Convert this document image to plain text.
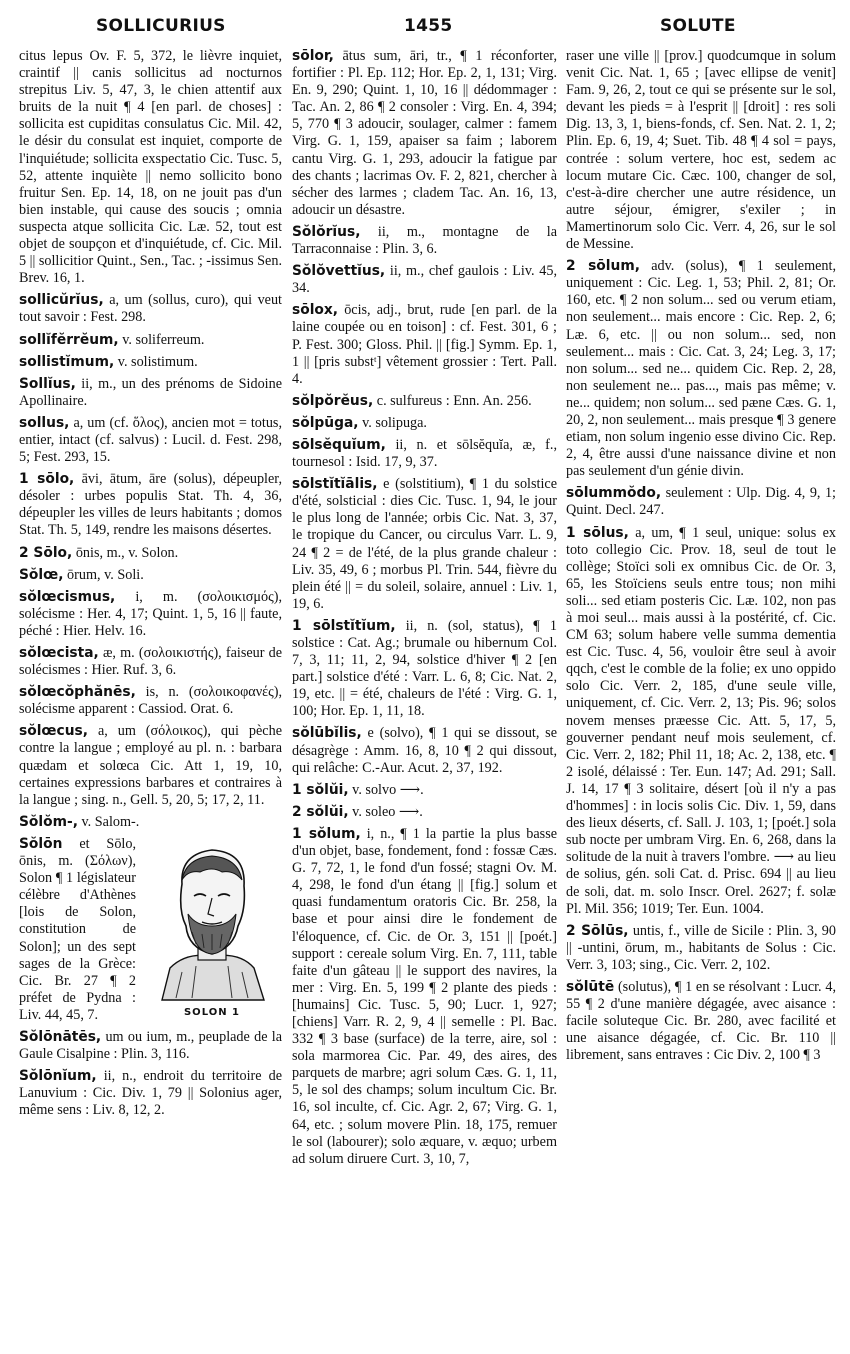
SOLLICURIUS	1455	SOLUTE

citus lepus Ov. F. 5, 372, le lièvre inquiet, craintif || canis sollicitus ad nocturnos strepitus Liv. 5, 47, 3, le chien attentif aux bruits de la nuit ¶ 4 [en parl. de choses] : sollicita est cupiditas consulatus Cic. Mil. 42, le désir du consulat est inquiet, comporte de l'inquiétude; sollicita exspectatio Cic. Tusc. 5, 52, attente inquiète || nemo sollicito bono fruitur Sen. Ep. 14, 18, on ne jouit pas d'un bien instable, qui cause des soucis ; omnia suspecta atque sollicita Cic. Læ. 52, tout est objet de soupçon et d'inquiétude, cf. Cic. Mil. 5 || sollicitior Quint., Sen., Tac. ; -issimus Sen. Brev. 16, 1.

sollicŭrĭus, a, um (sollus, curo), qui veut tout savoir : Fest. 298.

sollĭfĕrrĕum, v. soliferreum.

sollistĭmum, v. solistimum.

Sollĭus, ii, m., un des prénoms de Sidoine Apollinaire.

sollus, a, um (cf. ὅλος), ancien mot = totus, entier, intact (cf. salvus) : Lucil. d. Fest. 298, 5; Fest. 293, 15.

1 sōlo, āvi, ātum, āre (solus), dépeupler, désoler : urbes populis Stat. Th. 4, 36, dépeupler les villes de leurs habitants ; domos Stat. Th. 5, 149, rendre les maisons désertes.

2 Sōlo, ōnis, m., v. Solon.

Sŏlœ, ōrum, v. Soli.

sŏlœcismus, i, m. (σολοικισμός), solécisme : Her. 4, 17; Quint. 1, 5, 16 || faute, péché : Hier. Helv. 16.

sŏlœcista, æ, m. (σολοικιστής), faiseur de solécismes : Hier. Ruf. 3, 6.

sŏlœcŏphănēs, is, n. (σολοικοφανές), solécisme apparent : Cassiod. Orat. 6.

sŏlœcus, a, um (σόλοικος), qui pèche contre la langue ; employé au pl. n. : barbara quædam et solœca Cic. Att 1, 19, 10, certaines expressions barbares et contraires à la langue ; sing. n., Gell. 5, 20, 5; 17, 2, 11.

Sŏlŏm-, v. Salom-.

SOLON 1
Sŏlōn et Sōlo, ōnis, m. (Σόλων), Solon ¶ 1 législateur célèbre d'Athènes [lois de Solon, constitution de Solon]; un des sept sages de la Grèce: Cic. Br. 27 ¶ 2 préfet de Pydna : Liv. 44, 45, 7.

Sŏlōnātēs, um ou ium, m., peuplade de la Gaule Cisalpine : Plin. 3, 116.

Sŏlōnĭum, ii, n., endroit du territoire de Lanuvium : Cic. Div. 1, 79 || Solonius ager, même sens : Liv. 8, 12, 2.

sōlor, ātus sum, āri, tr., ¶ 1 réconforter, fortifier : Pl. Ep. 112; Hor. Ep. 2, 1, 131; Virg. En. 9, 290; Quint. 1, 10, 16 || dédommager : Tac. An. 2, 86 ¶ 2 consoler : Virg. En. 4, 394; 5, 770 ¶ 3 adoucir, soulager, calmer : famem Virg. G. 1, 159, apaiser sa faim ; laborem cantu Virg. G. 1, 293, adoucir la fatigue par des chants ; lacrimas Ov. F. 2, 821, chercher à sécher des larmes ; cladem Tac. An. 16, 13, adoucir un désastre.

Sŏlŏrĭus, ii, m., montagne de la Tarraconnaise : Plin. 3, 6.

Sŏlŏvettĭus, ii, m., chef gaulois : Liv. 45, 34.

sōlox, ōcis, adj., brut, rude [en parl. de la laine coupée ou en toison] : cf. Fest. 301, 6 ; P. Fest. 300; Gloss. Phil. || [fig.] Symm. Ep. 1, 1 || [pris substᵗ] vêtement grossier : Tert. Pall. 4.

sŏlpŏrĕus, c. sulfureus : Enn. An. 256.

sŏlpūga, v. solipuga.

sōlsĕquĭum, ii, n. et sōlsĕquĭa, æ, f., tournesol : Isid. 17, 9, 37.

sōlstĭtĭālis, e (solstitium), ¶ 1 du solstice d'été, solsticial : dies Cic. Tusc. 1, 94, le jour le plus long de l'année; orbis Cic. Nat. 3, 37, le tropique du Cancer, ou circulus Varr. L. 9, 24 ¶ 2 = de l'été, de la plus grande chaleur : Liv. 35, 49, 6 ; morbus Pl. Trin. 544, fièvre du plein été || = du soleil, solaire, annuel : Liv. 1, 19, 6.

1 sōlstĭtĭum, ii, n. (sol, status), ¶ 1 solstice : Cat. Ag.; brumale ou hibernum Col. 7, 3, 11; 11, 2, 94, solstice d'hiver ¶ 2 [en part.] solstice d'été : Varr. L. 6, 8; Cic. Nat. 2, 19, etc. || = été, chaleurs de l'été : Virg. G. 1, 100; Hor. Ep. 1, 11, 18.

sŏlūbĭlis, e (solvo), ¶ 1 qui se dissout, se désagrège : Amm. 16, 8, 10 ¶ 2 qui dissout, qui relâche: C.-Aur. Acut. 2, 37, 192.

1 sŏlŭi, v. solvo ⟶.

2 sŏlŭi, v. soleo ⟶.

1 sŏlum, i, n., ¶ 1 la partie la plus basse d'un objet, base, fondement, fond : fossæ Cæs. G. 7, 72, 1, le fond d'un fossé; stagni Ov. M. 4, 298, le fond d'un étang || [fig.] solum et quasi fundamentum oratoris Cic. Br. 258, la base et pour ainsi dire le fondement de l'éloquence, cf. Cic. de Or. 3, 151 || [poét.] support : cereale solum Virg. En. 7, 111, table faite d'un gâteau || le support des navires, la mer : Virg. En. 5, 199 ¶ 2 plante des pieds : [humains] Cic. Tusc. 5, 90; Lucr. 1, 927; [chiens] Varr. R. 2, 9, 4 || semelle : Pl. Bac. 332 ¶ 3 base (surface) de la terre, aire, sol : sola marmorea Cic. Par. 49, des aires, des parquets de marbre; agri solum Cæs. G. 1, 11, 5, le sol des champs; solum incultum Cic. Br. 16, sol inculte, cf. Cic. Agr. 2, 67; Virg. G. 1, 64, etc. ; solum movere Plin. 18, 175, remuer le sol (labourer); solo æquare, v. æquo; urbem ad solum diruere Curt. 3, 10, 7,

raser une ville || [prov.] quodcumque in solum venit Cic. Nat. 1, 65 ; [avec ellipse de venit] Fam. 9, 26, 2, tout ce qui se présente sur le sol, devant les pieds = à l'esprit || [droit] : res soli Dig. 13, 3, 1, biens-fonds, cf. Sen. Nat. 2. 1, 2; Plin. Ep. 6, 19, 4; Suet. Tib. 48 ¶ 4 sol = pays, contrée : solum vertere, hoc est, sedem ac locum mutare Cic. Cæc. 100, changer de sol, c'est-à-dire chercher une autre résidence, un autre séjour, émigrer, s'exiler ; in Mamertinorum solo Cic. Verr. 4, 26, sur le sol de Messine.

2 sōlum, adv. (solus), ¶ 1 seulement, uniquement : Cic. Leg. 1, 53; Phil. 2, 81; Or. 160, etc. ¶ 2 non solum... sed ou verum etiam, non seulement... mais encore : Cic. Rep. 2, 6; Læ. 6, etc. || ou non solum... sed, non seulement... mais : Cic. Cat. 3, 24; Leg. 3, 17; non solum... sed ne... quidem Cic. Rep. 2, 28, non seulement ne... pas..., mais pas même; v. ne... quidem; non solum... sed pæne Cæs. G. 1, 20, 2, non seulement... mais presque ¶ 3 genere etiam, non solum ingenio esse divino Cic. Rep. 2, 4, être aussi d'une naissance divine et non pas seulement d'un génie divin.

sōlummŏdo, seulement : Ulp. Dig. 4, 9, 1; Quint. Decl. 247.

1 sōlus, a, um, ¶ 1 seul, unique: solus ex toto collegio Cic. Prov. 18, seul de tout le collège; Stoïci soli ex omnibus Cic. de Or. 3, 65, les Stoïciens seuls entre tous; non mihi soli... sed etiam posteris Cic. Læ. 102, non pas à moi seul... mais aussi à la postérité, cf. Cic. CM 63; solum habere velle summa dementia est Cic. Tusc. 4, 56, vouloir être seul à avoir qqch, c'est le comble de la folie; ex uno oppido solo Cic. Verr. 2, 185, d'une seule ville, uniquement, cf. Cic. Verr. 2, 13; Pis. 96; solos novem menses præesse Cic. Att. 5, 17, 5, gouverner pendant neuf mois seulement, cf. Cic. Verr. 2, 182; Phil 11, 18; Ac. 2, 138, etc. ¶ 2 isolé, délaissé : Ter. Eun. 147; Ad. 291; Sall. J. 14, 17 ¶ 3 solitaire, désert [où il n'y a pas d'hommes] : in locis solis Cic. Div. 1, 59, dans des lieux déserts, cf. Sall. J. 103, 1; [poét.] sola sub nocte per umbram Virg. En. 6, 268, dans la solitude de la nuit à travers l'ombre. ⟶ au lieu de solius, gén. soli Cat. d. Prisc. 694 || au lieu de soli, dat. m. solo Inscr. Orel. 2627; f. solæ Pl. Mil. 356; 1019; Ter. Eun. 1004.

2 Sōlūs, untis, f., ville de Sicile : Plin. 3, 90 || -untini, ōrum, m., habitants de Solus : Cic. Verr. 3, 103; sing., Cic. Verr. 2, 102.

sŏlūtē (solutus), ¶ 1 en se résolvant : Lucr. 4, 55 ¶ 2 d'une manière dégagée, avec aisance : facile soluteque Cic. Br. 280, avec facilité et une aisance dégagée, cf. Cic. Br. 110 || librement, sans entraves : Cic Div. 2, 100 ¶ 3
